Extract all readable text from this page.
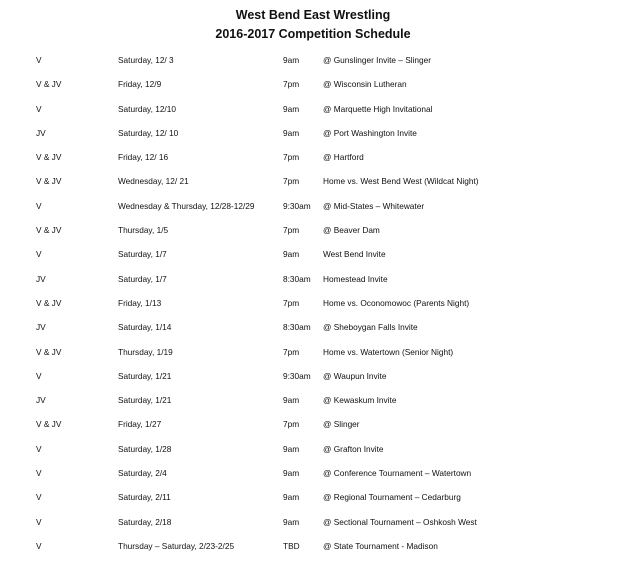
West Bend East Wrestling
2016-2017 Competition Schedule
V	Saturday, 12/ 3	9am	@ Gunslinger Invite – Slinger
V & JV	Friday, 12/9	7pm	@ Wisconsin Lutheran
V	Saturday, 12/10	9am	@ Marquette High Invitational
JV	Saturday, 12/ 10	9am	@ Port Washington Invite
V & JV	Friday, 12/ 16	7pm	@ Hartford
V & JV	Wednesday, 12/ 21	7pm	Home vs. West Bend West (Wildcat Night)
V	Wednesday & Thursday, 12/28-12/29	9:30am @ Mid-States – Whitewater
V & JV	Thursday, 1/5	7pm	@ Beaver Dam
V	Saturday, 1/7	9am	West Bend Invite
JV	Saturday, 1/7	8:30am Homestead Invite
V & JV	Friday, 1/13	7pm	Home vs. Oconomowoc (Parents Night)
JV	Saturday, 1/14	8:30am @ Sheboygan Falls Invite
V & JV	Thursday, 1/19	7pm	Home vs. Watertown (Senior Night)
V	Saturday, 1/21	9:30am @ Waupun Invite
JV	Saturday, 1/21	9am	@ Kewaskum Invite
V & JV	Friday, 1/27	7pm	@ Slinger
V	Saturday, 1/28	9am	@ Grafton Invite
V	Saturday, 2/4	9am	@ Conference Tournament – Watertown
V	Saturday, 2/11	9am	@ Regional Tournament – Cedarburg
V	Saturday, 2/18	9am	@ Sectional Tournament – Oshkosh West
V	Thursday – Saturday, 2/23-2/25	TBD	@ State Tournament - Madison
